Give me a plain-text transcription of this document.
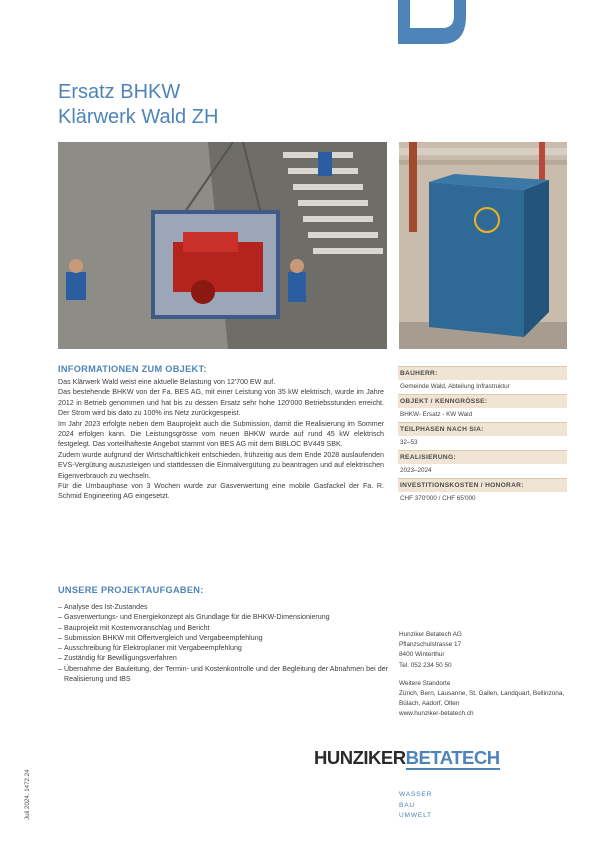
Ersatz BHKW
Klärwerk Wald ZH
INFORMATIONEN ZUM OBJEKT:

Das Klärwerk Wald weist eine aktuelle Belastung von 12'700 EW auf.

Das bestehende BHKW von der Fa. BES AG, mit einer Leistung von 35 kW elektrisch, wurde im Jahre 2012 in Betrieb genommen und hat bis zu dessen Ersatz sehr hohe 120'000 Betriebsstunden erreicht. Der Strom wird bis dato zu 100% ins Netz zurückgespeist.

Im Jahr 2023 erfolgte neben dem Bauprojekt auch die Submission, damit die Realisierung im Sommer 2024 erfolgen kann. Die Leistungsgrösse vom neuen BHKW wurde auf rund 45 kW elektrisch festgelegt. Das vorteilhafteste Angebot stammt von BES AG mit dem BIBLOC BV449 SBK.

Zudem wurde aufgrund der Wirtschaftlichkeit entschieden, frühzeitig aus dem Ende 2028 auslaufenden EVS-Vergütung auszusteigen und stattdessen die Einmalvergütung zu beantragen und auf elektrischen Eigenverbrauch zu wechseln.

Für die Umbauphase von 3 Wochen wurde zur Gasverwertung eine mobile Gasfackel der Fa. R. Schmid Engineering AG eingesetzt.

BAUHERR:
Gemeinde Wald, Abteilung Infrastruktur
OBJEKT / KENNGRÖSSE:
BHKW- Ersatz - KW Wald
TEILPHASEN NACH SIA:
32–53
REALISIERUNG:
2023–2024
INVESTITIONSKOSTEN / HONORAR:
CHF 370'000 / CHF 65'000
UNSERE PROJEKTAUFGABEN:
– Analyse des Ist-Zustandes
– Gasverwertungs- und Energiekonzept als Grundlage für die BHKW-Dimensionierung
– Bauprojekt mit Kostenvoranschlag und Bericht
– Submission BHKW mit Offertvergleich und Vergabeempfehlung
– Ausschreibung für Elektroplaner mit Vergabeempfehlung
– Zuständig für Bewilligungsverfahren
– Übernahme der Bauleitung, der Termin- und Kostenkontrolle und der Begleitung der Abnahmen bei der Realisierung und IBS
Hunziker Betatech AG
Pflanzschulstrasse 17
8400 Winterthur
Tel. 052 234 50 50
Weitere Standorte
Zürich, Bern, Lausanne, St. Gallen, Landquart, Bellinzona, Bülach, Aadorf, Olten
www.hunziker-betatech.ch
HUNZIKERBETATECH
WASSER
BAU
UMWELT
Juli 2024, 1472.24
